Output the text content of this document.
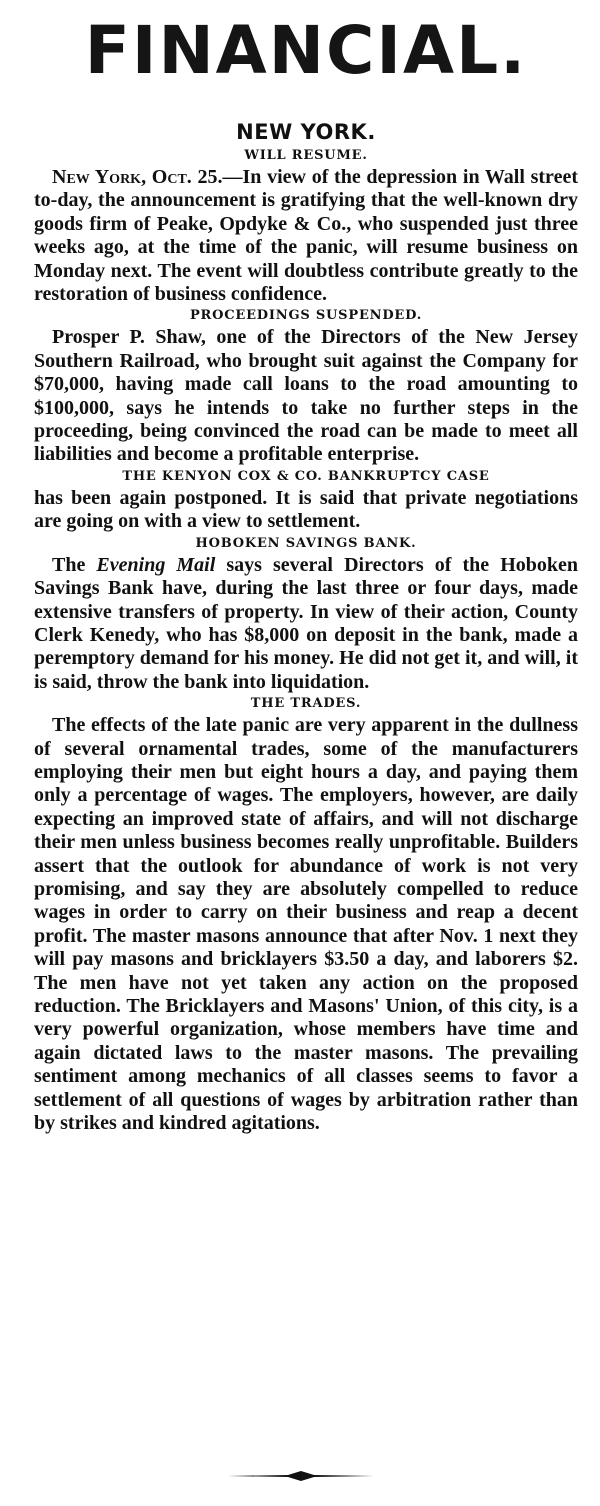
FINANCIAL.
NEW YORK.
WILL RESUME.

New York, Oct. 25.—In view of the depression in Wall street to-day, the announcement is gratifying that the well-known dry goods firm of Peake, Opdyke & Co., who suspended just three weeks ago, at the time of the panic, will resume business on Monday next. The event will doubtless contribute greatly to the restoration of business confidence.

PROCEEDINGS SUSPENDED.

Prosper P. Shaw, one of the Directors of the New Jersey Southern Railroad, who brought suit against the Company for $70,000, having made call loans to the road amounting to $100,000, says he intends to take no further steps in the proceeding, being convinced the road can be made to meet all liabilities and become a profitable enterprise.

THE KENYON COX & CO. BANKRUPTCY CASE

has been again postponed. It is said that private negotiations are going on with a view to settlement.

HOBOKEN SAVINGS BANK.

The Evening Mail says several Directors of the Hoboken Savings Bank have, during the last three or four days, made extensive transfers of property. In view of their action, County Clerk Kenedy, who has $8,000 on deposit in the bank, made a peremptory demand for his money. He did not get it, and will, it is said, throw the bank into liquidation.

THE TRADES.

The effects of the late panic are very apparent in the dullness of several ornamental trades, some of the manufacturers employing their men but eight hours a day, and paying them only a percentage of wages. The employers, however, are daily expecting an improved state of affairs, and will not discharge their men unless business becomes really unprofitable. Builders assert that the outlook for abundance of work is not very promising, and say they are absolutely compelled to reduce wages in order to carry on their business and reap a decent profit. The master masons announce that after Nov. 1 next they will pay masons and bricklayers $3.50 a day, and laborers $2. The men have not yet taken any action on the proposed reduction. The Bricklayers and Masons' Union, of this city, is a very powerful organization, whose members have time and again dictated laws to the master masons. The prevailing sentiment among mechanics of all classes seems to favor a settlement of all questions of wages by arbitration rather than by strikes and kindred agitations.
